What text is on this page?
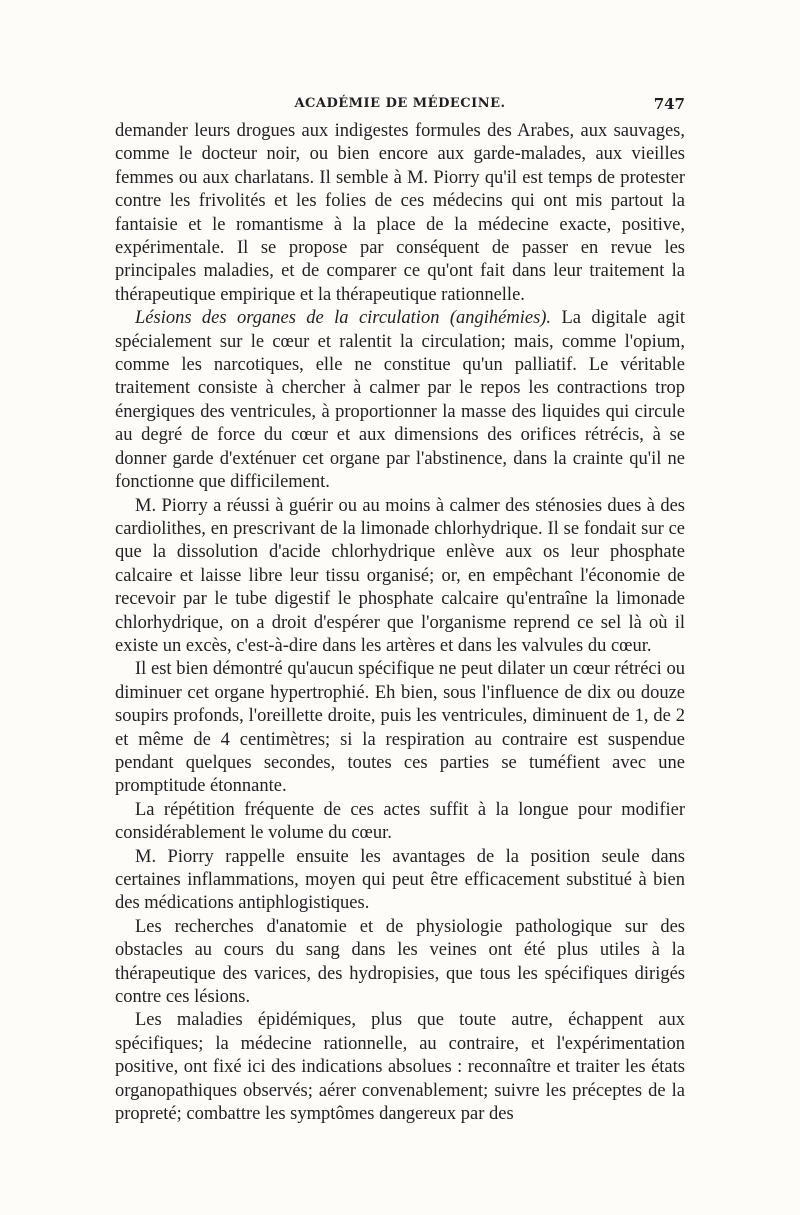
ACADÉMIE DE MÉDECINE.	747

demander leurs drogues aux indigestes formules des Arabes, aux sauvages, comme le docteur noir, ou bien encore aux garde-malades, aux vieilles femmes ou aux charlatans. Il semble à M. Piorry qu'il est temps de protester contre les frivolités et les folies de ces médecins qui ont mis partout la fantaisie et le romantisme à la place de la médecine exacte, positive, expérimentale. Il se propose par conséquent de passer en revue les principales maladies, et de comparer ce qu'ont fait dans leur traitement la thérapeutique empirique et la thérapeutique rationnelle.

Lésions des organes de la circulation (angihémies). La digitale agit spécialement sur le cœur et ralentit la circulation; mais, comme l'opium, comme les narcotiques, elle ne constitue qu'un palliatif. Le véritable traitement consiste à chercher à calmer par le repos les contractions trop énergiques des ventricules, à proportionner la masse des liquides qui circule au degré de force du cœur et aux dimensions des orifices rétrécis, à se donner garde d'exténuer cet organe par l'abstinence, dans la crainte qu'il ne fonctionne que difficilement.

M. Piorry a réussi à guérir ou au moins à calmer des sténosies dues à des cardiolithes, en prescrivant de la limonade chlorhydrique. Il se fondait sur ce que la dissolution d'acide chlorhydrique enlève aux os leur phosphate calcaire et laisse libre leur tissu organisé; or, en empêchant l'économie de recevoir par le tube digestif le phosphate calcaire qu'entraîne la limonade chlorhydrique, on a droit d'espérer que l'organisme reprend ce sel là où il existe un excès, c'est-à-dire dans les artères et dans les valvules du cœur.

Il est bien démontré qu'aucun spécifique ne peut dilater un cœur rétréci ou diminuer cet organe hypertrophié. Eh bien, sous l'influence de dix ou douze soupirs profonds, l'oreillette droite, puis les ventricules, diminuent de 1, de 2 et même de 4 centimètres; si la respiration au contraire est suspendue pendant quelques secondes, toutes ces parties se tuméfient avec une promptitude étonnante.

La répétition fréquente de ces actes suffit à la longue pour modifier considérablement le volume du cœur.

M. Piorry rappelle ensuite les avantages de la position seule dans certaines inflammations, moyen qui peut être efficacement substitué à bien des médications antiphlogistiques.

Les recherches d'anatomie et de physiologie pathologique sur des obstacles au cours du sang dans les veines ont été plus utiles à la thérapeutique des varices, des hydropisies, que tous les spécifiques dirigés contre ces lésions.

Les maladies épidémiques, plus que toute autre, échappent aux spécifiques; la médecine rationnelle, au contraire, et l'expérimentation positive, ont fixé ici des indications absolues : reconnaître et traiter les états organopathiques observés; aérer convenablement; suivre les préceptes de la propreté; combattre les symptômes dangereux par des
